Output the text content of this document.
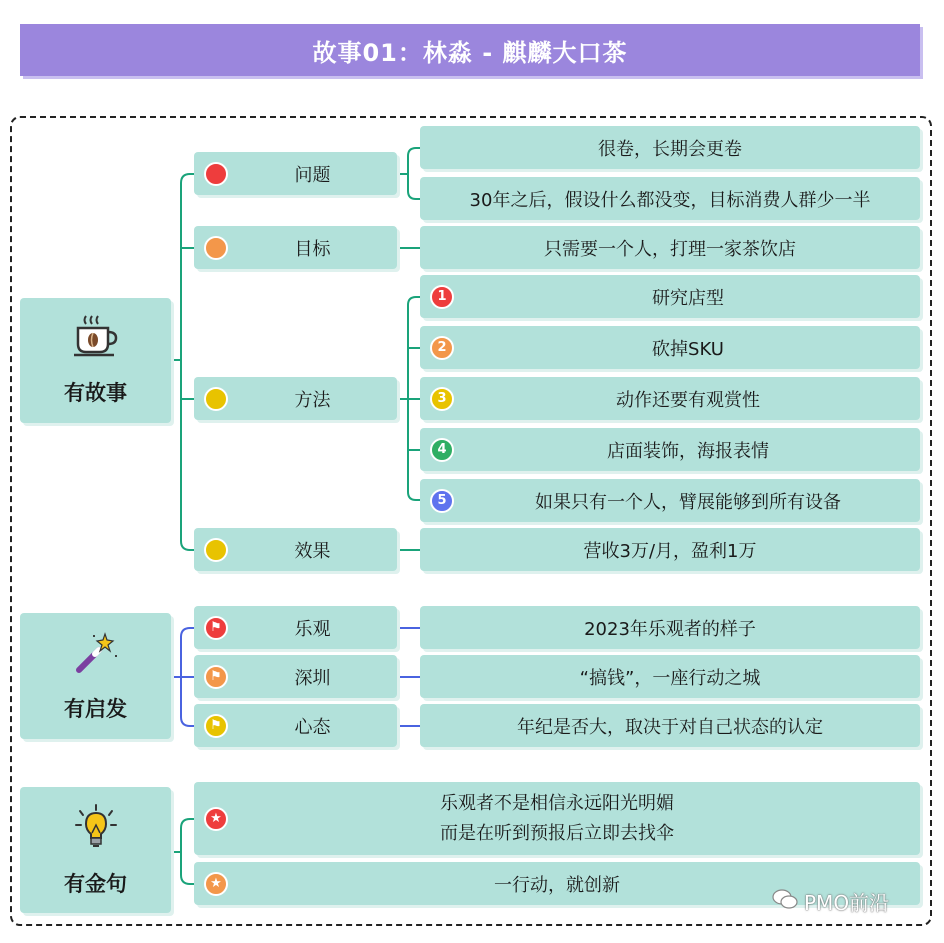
故事01：林淼 - 麒麟大口茶
有故事
问题
很卷，长期会更卷
30年之后，假设什么都没变，目标消费人群少一半
目标	只需要一个人，打理一家茶饮店
方法
1	研究店型
2	砍掉SKU
3	动作还要有观赏性
4	店面装饰，海报表情
5	如果只有一个人，臂展能够到所有设备
效果	营收3万/月，盈利1万
有启发
⚑	乐观	2023年乐观者的样子
⚑	深圳	“搞钱”，一座行动之城
⚑	心态	年纪是否大，取决于对自己状态的认定
有金句
★
乐观者不是相信永远阳光明媚
而是在听到预报后立即去找伞
★	一行动，就创新
PMO前沿
